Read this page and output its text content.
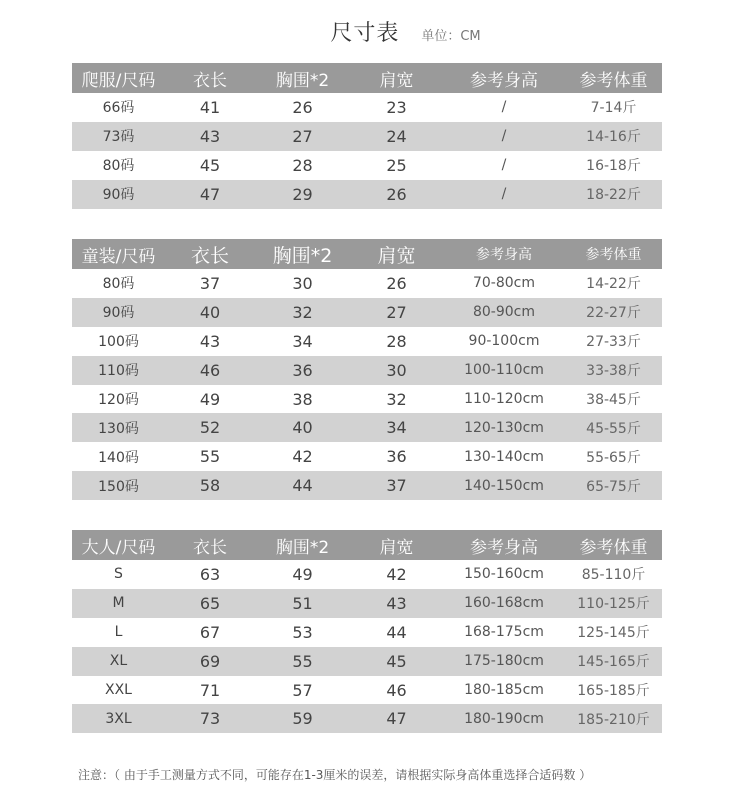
尺寸表 单位：CM
爬服/尺码	衣长	胸围*2	肩宽	参考身高	参考体重
66码	41	26	23	/	7-14斤
73码	43	27	24	/	14-16斤
80码	45	28	25	/	16-18斤
90码	47	29	26	/	18-22斤
童装/尺码	衣长	胸围*2	肩宽	参考身高	参考体重
80码	37	30	26	70-80cm	14-22斤
90码	40	32	27	80-90cm	22-27斤
100码	43	34	28	90-100cm	27-33斤
110码	46	36	30	100-110cm	33-38斤
120码	49	38	32	110-120cm	38-45斤
130码	52	40	34	120-130cm	45-55斤
140码	55	42	36	130-140cm	55-65斤
150码	58	44	37	140-150cm	65-75斤
大人/尺码	衣长	胸围*2	肩宽	参考身高	参考体重
S	63	49	42	150-160cm	85-110斤
M	65	51	43	160-168cm	110-125斤
L	67	53	44	168-175cm	125-145斤
XL	69	55	45	175-180cm	145-165斤
XXL	71	57	46	180-185cm	165-185斤
3XL	73	59	47	180-190cm	185-210斤
注意：（ 由于手工测量方式不同，可能存在1-3厘米的误差，请根据实际身高体重选择合适码数 ）
